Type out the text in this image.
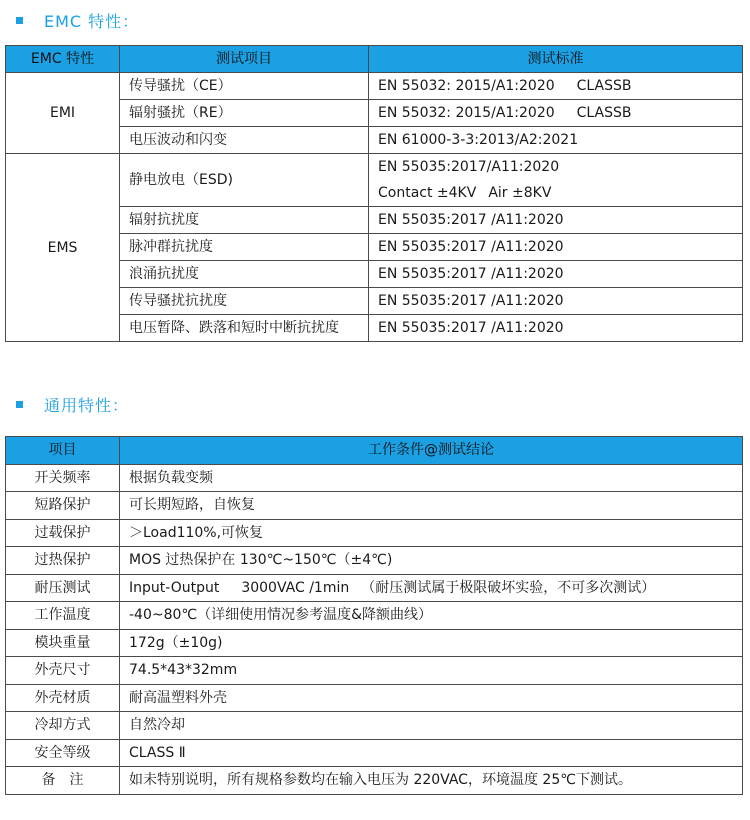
EMC 特性：
EMC 特性	测试项目	测试标准
EMI	传导骚扰（CE）	EN 55032: 2015/A1:2020 CLASSB
	辐射骚扰（RE）	EN 55032: 2015/A1:2020 CLASSB
	电压波动和闪变	EN 61000-3-3:2013/A2:2021
EMS	静电放电（ESD)	EN 55035:2017/A11:2020
Contact ±4KV Air ±8KV

	辐射抗扰度	EN 55035:2017 /A11:2020
	脉冲群抗扰度	EN 55035:2017 /A11:2020
	浪涌抗扰度	EN 55035:2017 /A11:2020
	传导骚扰抗扰度	EN 55035:2017 /A11:2020
	电压暂降、跌落和短时中断抗扰度	EN 55035:2017 /A11:2020
通用特性：
项目	工作条件@测试结论
开关频率	根据负载变频
短路保护	可长期短路，自恢复
过载保护	＞Load110%,可恢复
过热保护	MOS 过热保护在 130℃~150℃（±4℃)
耐压测试	Input-Output 3000VAC /1min （耐压测试属于极限破坏实验，不可多次测试）
工作温度	-40~80℃（详细使用情况参考温度&降额曲线）
模块重量	172g（±10g)
外壳尺寸	74.5*43*32mm
外壳材质	耐高温塑料外壳
冷却方式	自然冷却
安全等级	CLASS Ⅱ
备　注	如未特别说明，所有规格参数均在输入电压为 220VAC，环境温度 25℃下测试。
